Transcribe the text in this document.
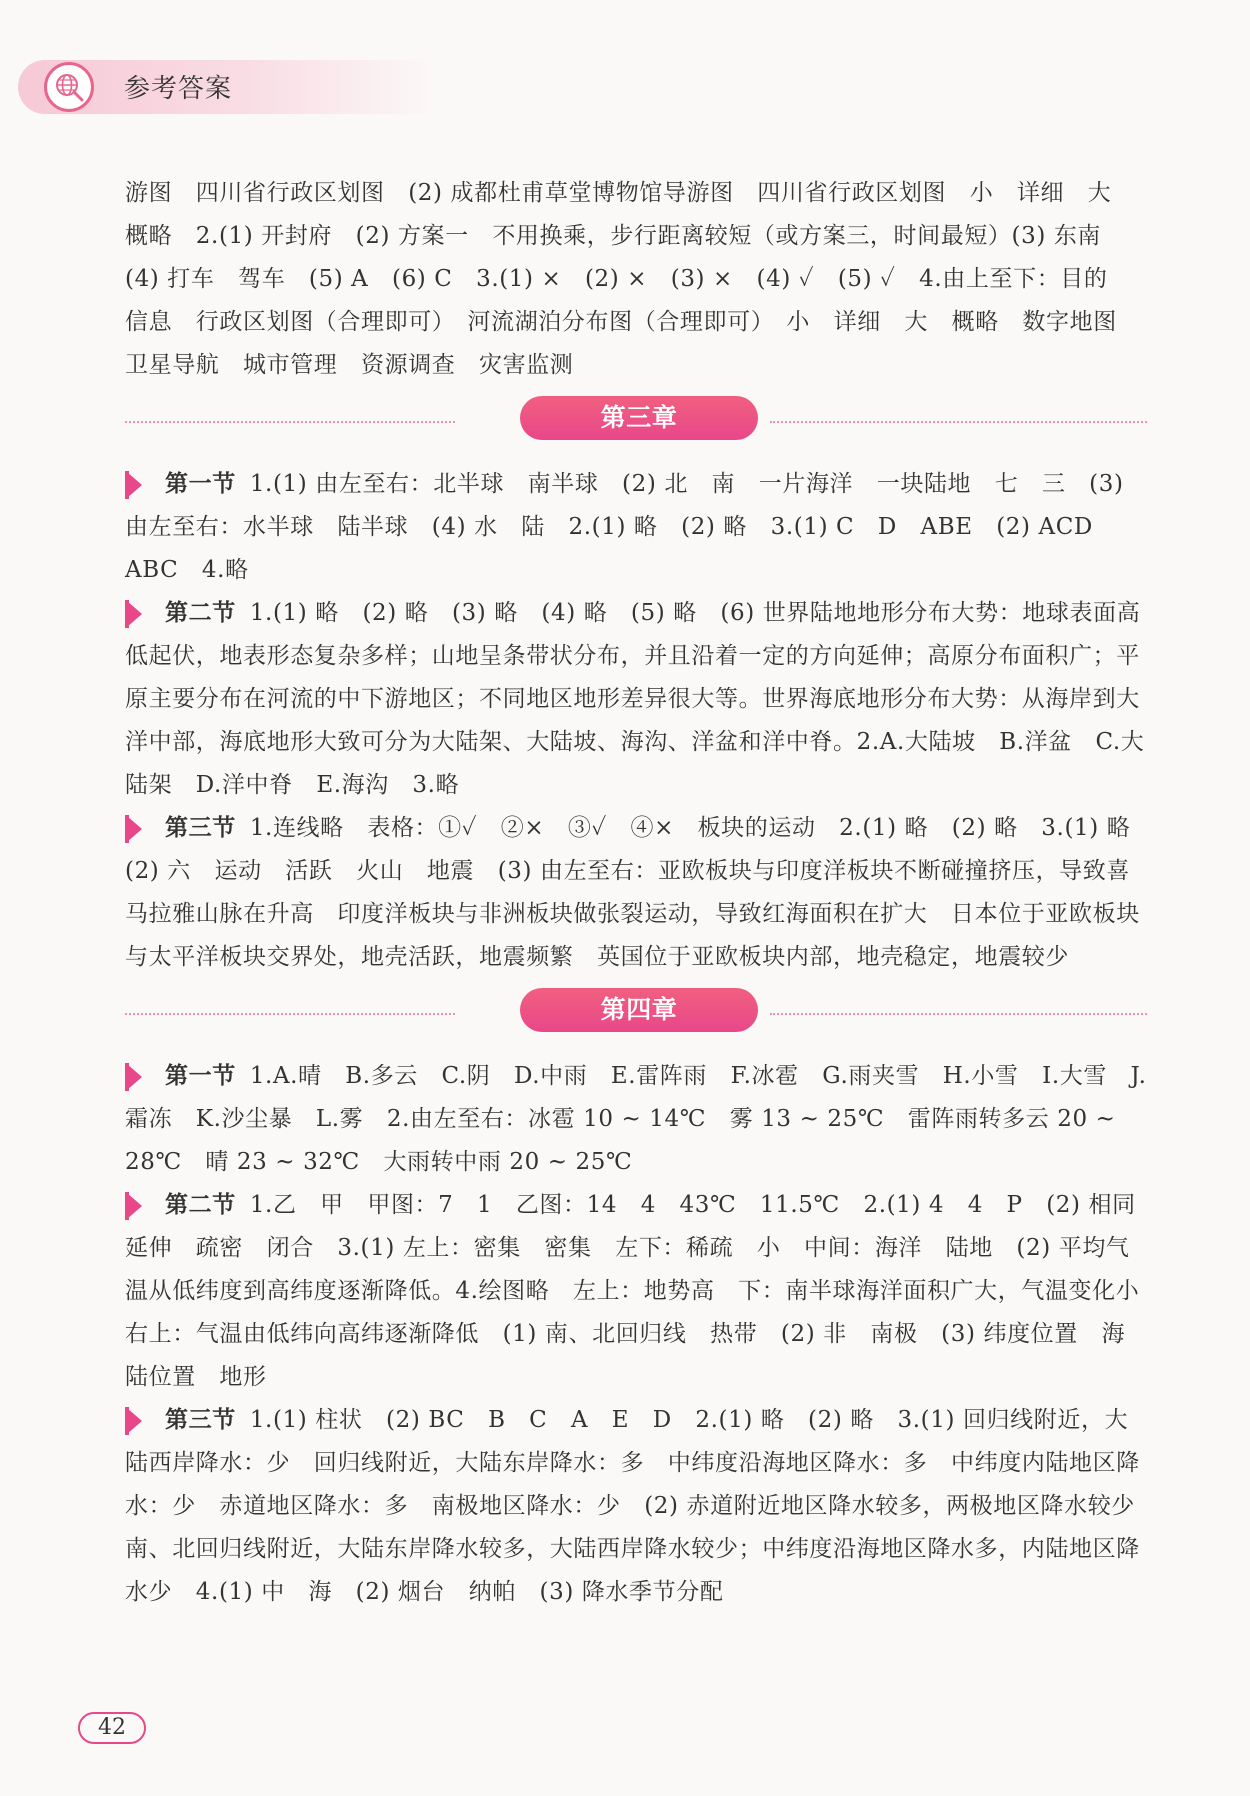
参考答案

游图　四川省行政区划图　(2) 成都杜甫草堂博物馆导游图　四川省行政区划图　小　详细　大　概略　2.(1) 开封府　(2) 方案一　不用换乘，步行距离较短（或方案三，时间最短）(3) 东南　(4) 打车　驾车　(5) A　(6) C　3.(1) ×　(2) ×　(3) ×　(4) ✓　(5) ✓　4.由上至下：目的　信息　行政区划图（合理即可）　河流湖泊分布图（合理即可）　小　详细　大　概略　数字地图　卫星导航　城市管理　资源调查　灾害监测

第三章

第一节 1.(1) 由左至右：北半球　南半球　(2) 北　南　一片海洋　一块陆地　七　三　(3) 由左至右：水半球　陆半球　(4) 水　陆　2.(1) 略　(2) 略　3.(1) C　D　ABE　(2) ACD　ABC　4.略

第二节 1.(1) 略　(2) 略　(3) 略　(4) 略　(5) 略　(6) 世界陆地地形分布大势：地球表面高低起伏，地表形态复杂多样；山地呈条带状分布，并且沿着一定的方向延伸；高原分布面积广；平原主要分布在河流的中下游地区；不同地区地形差异很大等。世界海底地形分布大势：从海岸到大洋中部，海底地形大致可分为大陆架、大陆坡、海沟、洋盆和洋中脊。2.A.大陆坡　B.洋盆　C.大陆架　D.洋中脊　E.海沟　3.略

第三节 1.连线略　表格：①✓　②×　③✓　④×　板块的运动　2.(1) 略　(2) 略　3.(1) 略　(2) 六　运动　活跃　火山　地震　(3) 由左至右：亚欧板块与印度洋板块不断碰撞挤压，导致喜马拉雅山脉在升高　印度洋板块与非洲板块做张裂运动，导致红海面积在扩大　日本位于亚欧板块与太平洋板块交界处，地壳活跃，地震频繁　英国位于亚欧板块内部，地壳稳定，地震较少

第四章

第一节 1.A.晴　B.多云　C.阴　D.中雨　E.雷阵雨　F.冰雹　G.雨夹雪　H.小雪　I.大雪　J.霜冻　K.沙尘暴　L.雾　2.由左至右：冰雹 10 ~ 14℃　雾 13 ~ 25℃　雷阵雨转多云 20 ~ 28℃　晴 23 ~ 32℃　大雨转中雨 20 ~ 25℃

第二节 1.乙　甲　甲图：7　1　乙图：14　4　43℃　11.5℃　2.(1) 4　4　P　(2) 相同　延伸　疏密　闭合　3.(1) 左上：密集　密集　左下：稀疏　小　中间：海洋　陆地　(2) 平均气温从低纬度到高纬度逐渐降低。4.绘图略　左上：地势高　下：南半球海洋面积广大，气温变化小　右上：气温由低纬向高纬逐渐降低　(1) 南、北回归线　热带　(2) 非　南极　(3) 纬度位置　海陆位置　地形

第三节 1.(1) 柱状　(2) BC　B　C　A　E　D　2.(1) 略　(2) 略　3.(1) 回归线附近，大陆西岸降水：少　回归线附近，大陆东岸降水：多　中纬度沿海地区降水：多　中纬度内陆地区降水：少　赤道地区降水：多　南极地区降水：少　(2) 赤道附近地区降水较多，两极地区降水较少　南、北回归线附近，大陆东岸降水较多，大陆西岸降水较少；中纬度沿海地区降水多，内陆地区降水少　4.(1) 中　海　(2) 烟台　纳帕　(3) 降水季节分配

42
